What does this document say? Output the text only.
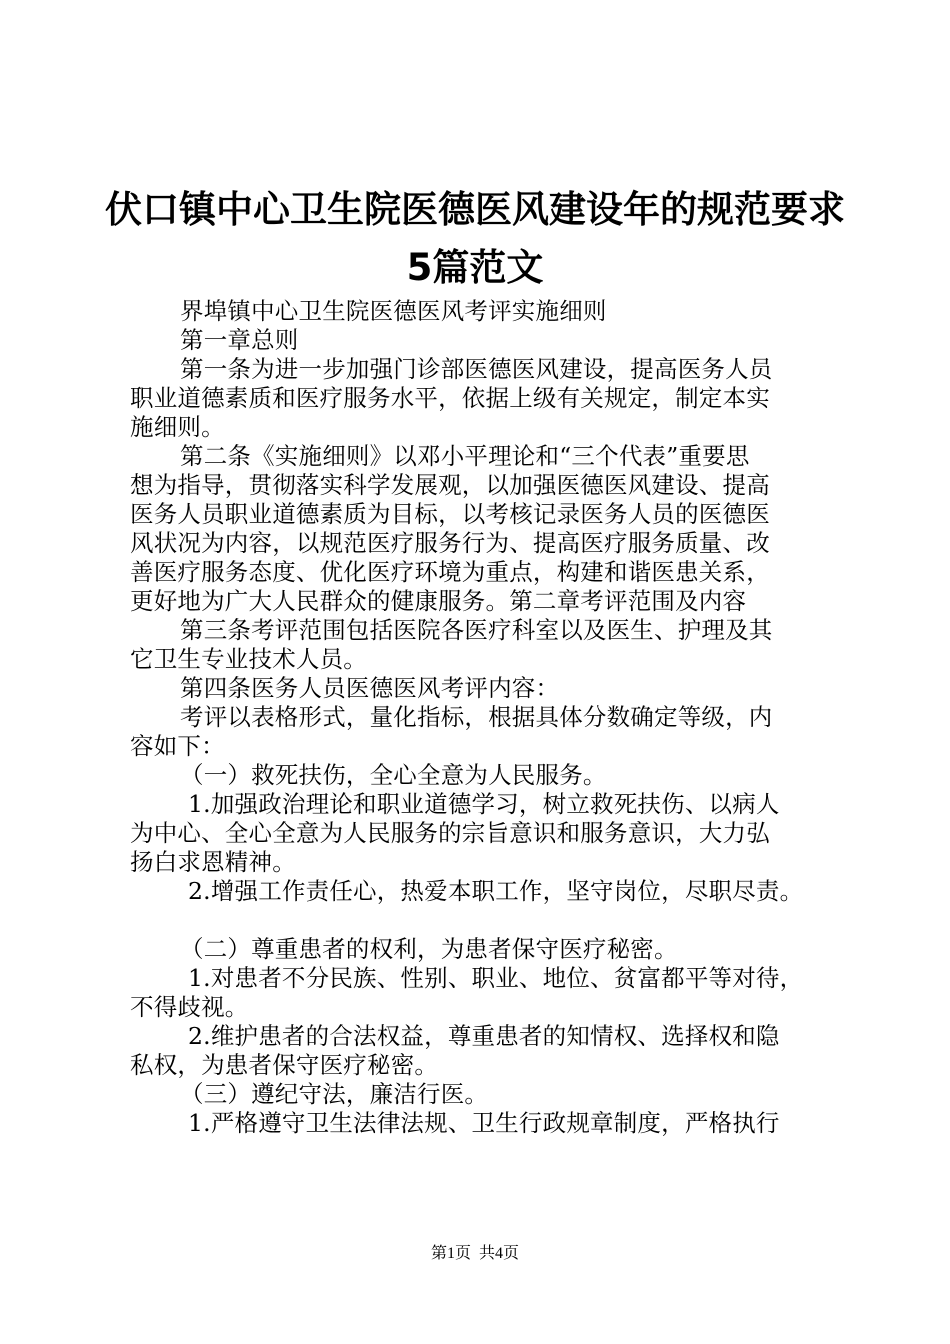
伏口镇中心卫生院医德医风建设年的规范要求
5篇范文
界埠镇中心卫生院医德医风考评实施细则
第一章总则
第一条为进一步加强门诊部医德医风建设，提高医务人员
职业道德素质和医疗服务水平，依据上级有关规定，制定本实
施细则。
第二条《实施细则》以邓小平理论和“三个代表”重要思
想为指导，贯彻落实科学发展观，以加强医德医风建设、提高
医务人员职业道德素质为目标，以考核记录医务人员的医德医
风状况为内容，以规范医疗服务行为、提高医疗服务质量、改
善医疗服务态度、优化医疗环境为重点，构建和谐医患关系，
更好地为广大人民群众的健康服务。第二章考评范围及内容
第三条考评范围包括医院各医疗科室以及医生、护理及其
它卫生专业技术人员。
第四条医务人员医德医风考评内容：
考评以表格形式，量化指标，根据具体分数确定等级，内
容如下：
（一）救死扶伤，全心全意为人民服务。
1.加强政治理论和职业道德学习，树立救死扶伤、以病人
为中心、全心全意为人民服务的宗旨意识和服务意识，大力弘
扬白求恩精神。
2.增强工作责任心，热爱本职工作，坚守岗位，尽职尽责。
（二）尊重患者的权利，为患者保守医疗秘密。
1.对患者不分民族、性别、职业、地位、贫富都平等对待，
不得歧视。
2.维护患者的合法权益，尊重患者的知情权、选择权和隐
私权，为患者保守医疗秘密。
（三）遵纪守法，廉洁行医。
1.严格遵守卫生法律法规、卫生行政规章制度，严格执行
第1页  共4页
